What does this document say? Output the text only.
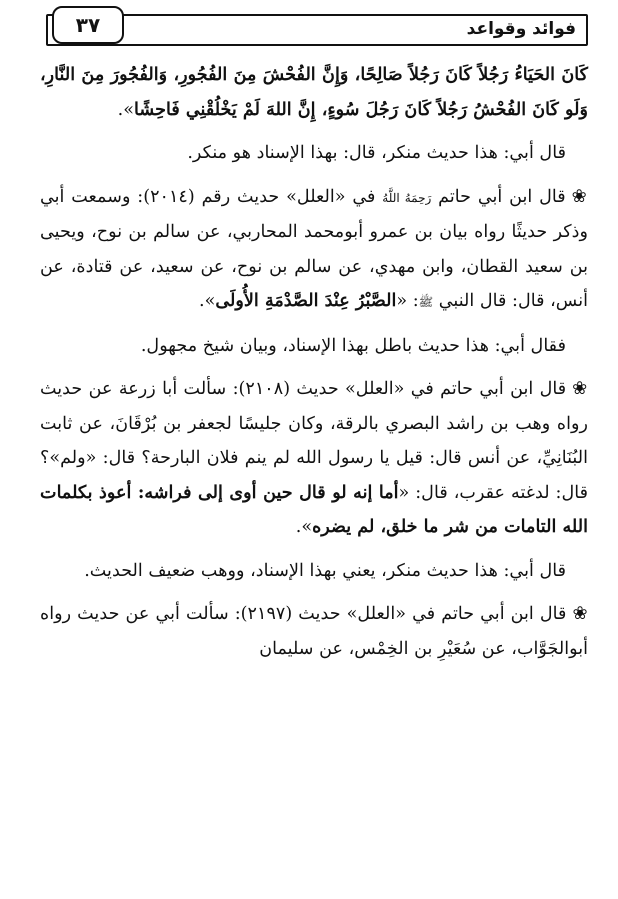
فوائد وقواعد
٣٧

كَانَ الحَيَاءُ رَجُلاً كَانَ رَجُلاً صَالِحًا، وَإِنَّ الفُحْشَ مِنَ الفُجُورِ، وَالفُجُورَ مِنَ النَّارِ، وَلَو كَانَ الفُحْشُ رَجُلاً كَانَ رَجُلَ سُوءٍ، إِنَّ اللهَ لَمْ يَخْلُقْنِي فَاحِشًا».

قال أبي: هذا حديث منكر، قال: بهذا الإسناد هو منكر.

❀قال ابن أبي حاتم رَحِمَهُ اللَّهُ في «العلل» حديث رقم (٢٠١٤): وسمعت أبي وذكر حديثًا رواه بيان بن عمرو أبومحمد المحاربي، عن سالم بن نوح، ويحيى بن سعيد القطان، وابن مهدي، عن سالم بن نوح، عن سعيد، عن قتادة، عن أنس، قال: قال النبي ﷺ: «الصَّبْرُ عِنْدَ الصَّدْمَةِ الأُولَى».

فقال أبي: هذا حديث باطل بهذا الإسناد، وبيان شيخ مجهول.

❀قال ابن أبي حاتم في «العلل» حديث (٢١٠٨): سألت أبا زرعة عن حديث رواه وهب بن راشد البصري بالرقة، وكان جليسًا لجعفر بن بُرْقَانَ، عن ثابت البُنَانِيِّ، عن أنس قال: قيل يا رسول الله لم ينم فلان البارحة؟ قال: «ولم»؟ قال: لدغته عقرب، قال: «أما إنه لو قال حين أوى إلى فراشه: أعوذ بكلمات الله التامات من شر ما خلق، لم يضره».

قال أبي: هذا حديث منكر، يعني بهذا الإسناد، ووهب ضعيف الحديث.

❀قال ابن أبي حاتم في «العلل» حديث (٢١٩٧): سألت أبي عن حديث رواه أبوالجَوَّاب، عن سُعَيْرِ بن الخِمْس، عن سليمان
